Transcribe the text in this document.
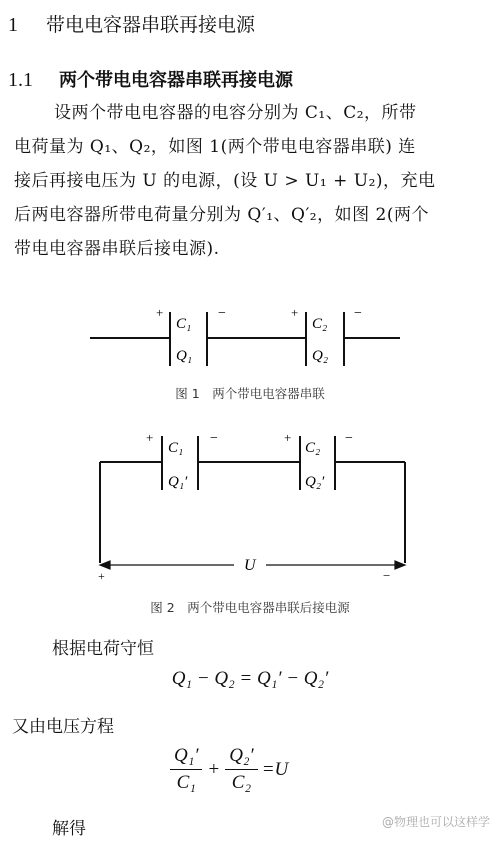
1 带电电容器串联再接电源
1.1 两个带电电容器串联再接电源
设两个带电电容器的电容分别为 C₁、C₂，所带
电荷量为 Q₁、Q₂，如图 1(两个带电电容器串联) 连
接后再接电压为 U 的电源，(设 U > U₁ + U₂)，充电
后两电容器所带电荷量分别为 Q′₁、Q′₂，如图 2(两个
带电电容器串联后接电源).
+	−
C₁
Q₁
+	−
C₂
Q₂
图 1　两个带电电容器串联
U
+	−
+	−
C₁
Q₁′
+	−
C₂
Q₂′
图 2　两个带电电容器串联后接电源
根据电荷守恒
Q₁ − Q₂ = Q₁′ − Q₂′
又由电压方程
$\frac{\text{Q₁′}}{\text{C₁}} + \frac{\text{Q₂′}}{\text{C₂}} =U$
解得	@物理也可以这样学
